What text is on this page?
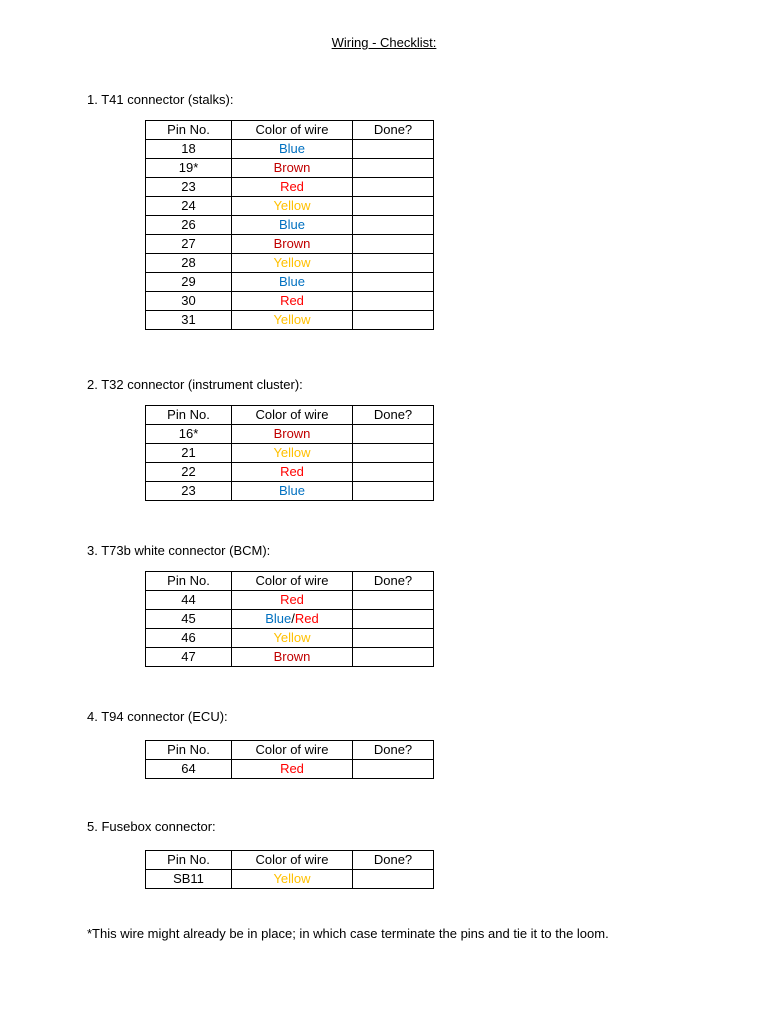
Wiring - Checklist:
1. T41 connector (stalks):
Pin No.	Color of wire	Done?
18	Blue	
19*	Brown	
23	Red	
24	Yellow	
26	Blue	
27	Brown	
28	Yellow	
29	Blue	
30	Red	
31	Yellow	
2. T32 connector (instrument cluster):
Pin No.	Color of wire	Done?
16*	Brown	
21	Yellow	
22	Red	
23	Blue	
3. T73b white connector (BCM):
Pin No.	Color of wire	Done?
44	Red	
45	Blue/Red	
46	Yellow	
47	Brown	
4. T94 connector (ECU):
Pin No.	Color of wire	Done?
64	Red	
5. Fusebox connector:
Pin No.	Color of wire	Done?
SB11	Yellow	
*This wire might already be in place; in which case terminate the pins and tie it to the loom.
